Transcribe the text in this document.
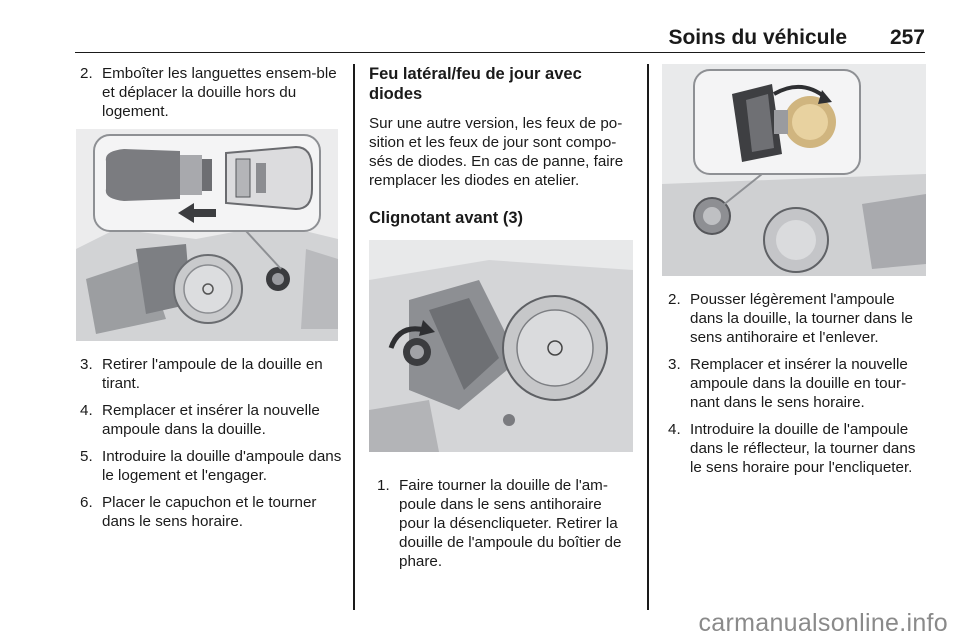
Soins du véhicule 257
2. Emboîter les languettes ensem-ble et déplacer la douille hors du logement.
3. Retirer l'ampoule de la douille en tirant.
4. Remplacer et insérer la nouvelle ampoule dans la douille.
5. Introduire la douille d'ampoule dans le logement et l'engager.
6. Placer le capuchon et le tourner dans le sens horaire.
Feu latéral/feu de jour avec diodes
Sur une autre version, les feux de po-sition et les feux de jour sont compo-sés de diodes. En cas de panne, faire remplacer les diodes en atelier.
Clignotant avant (3)
1. Faire tourner la douille de l'am-poule dans le sens antihoraire pour la désencliqueter. Retirer la douille de l'ampoule du boîtier de phare.
2. Pousser légèrement l'ampoule dans la douille, la tourner dans le sens antihoraire et l'enlever.
3. Remplacer et insérer la nouvelle ampoule dans la douille en tour-nant dans le sens horaire.
4. Introduire la douille de l'ampoule dans le réflecteur, la tourner dans le sens horaire pour l'encliqueter.
carmanualsonline.info
